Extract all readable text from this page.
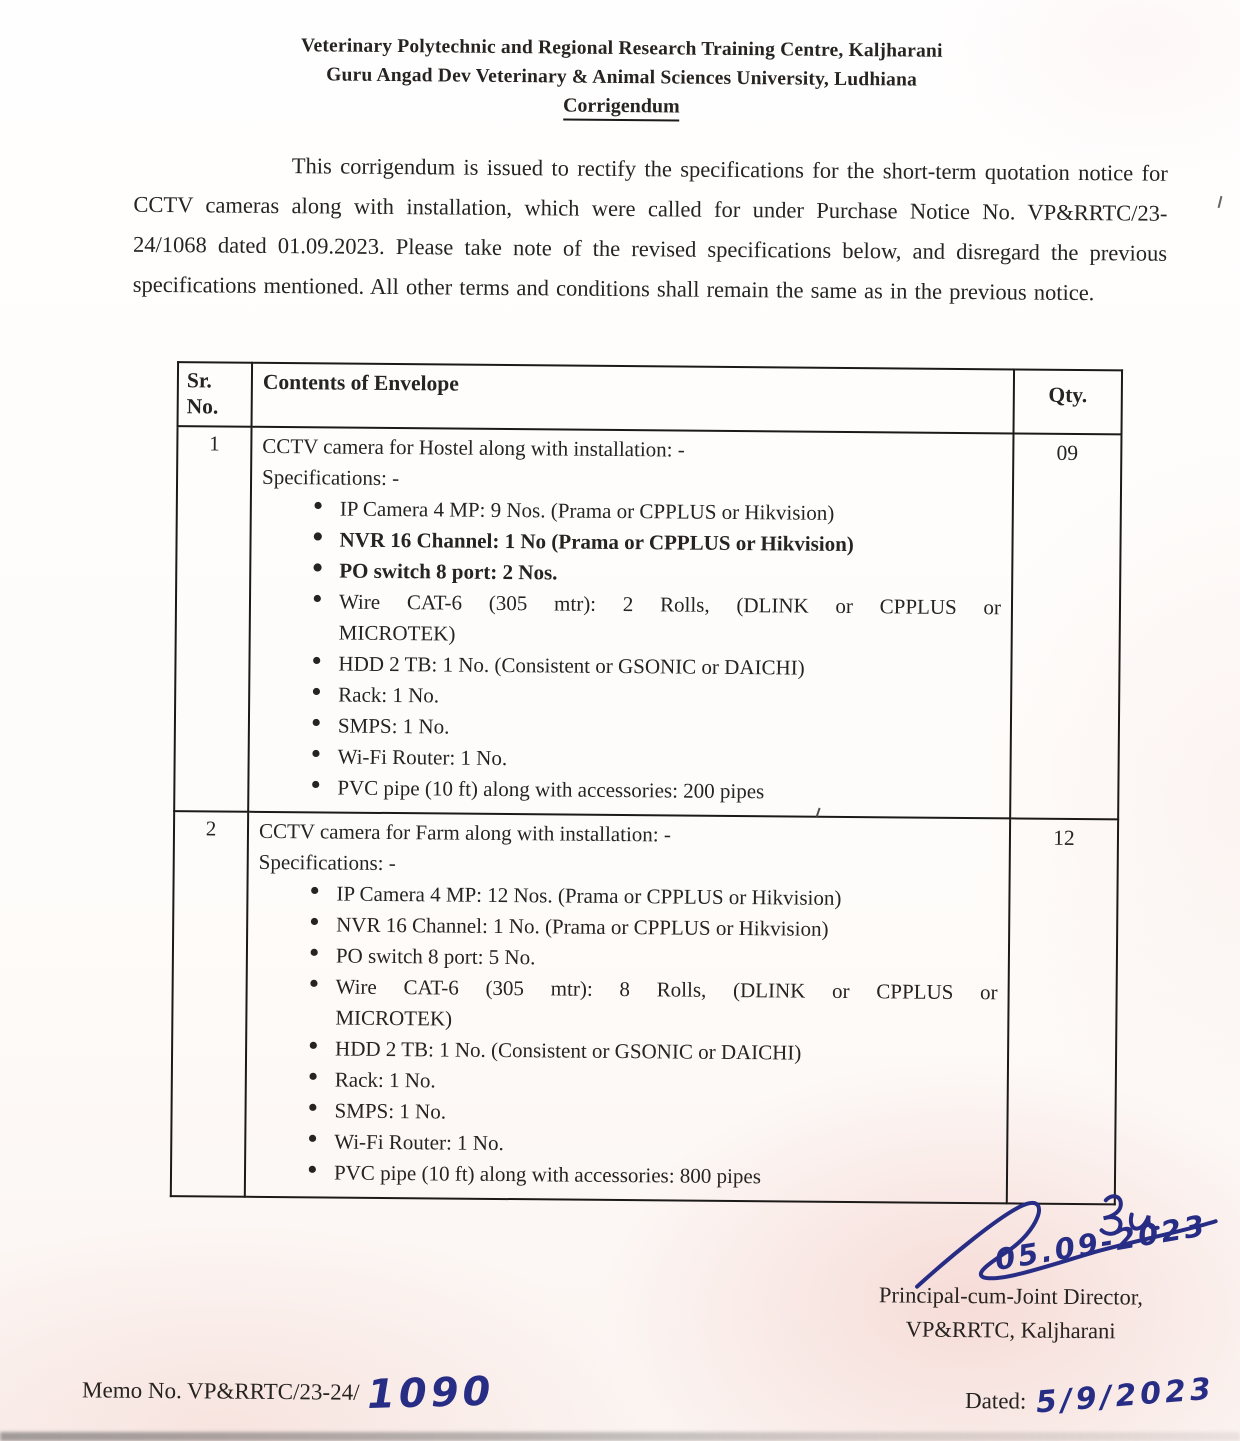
Veterinary Polytechnic and Regional Research Training Centre, Kaljharani
Guru Angad Dev Veterinary & Animal Sciences University, Ludhiana
Corrigendum

This corrigendum is issued to rectify the specifications for the short-term quotation notice for CCTV cameras along with installation, which were called for under Purchase Notice No. VP&RRTC/23-24/1068 dated 01.09.2023. Please take note of the revised specifications below, and disregard the previous specifications mentioned. All other terms and conditions shall remain the same as in the previous notice.

Sr. No.	Contents of Envelope	Qty.
1	CCTV camera for Hostel along with installation: -
Specifications: -
• IP Camera 4 MP: 9 Nos. (Prama or CPPLUS or Hikvision)
• NVR 16 Channel: 1 No (Prama or CPPLUS or Hikvision)
• PO switch 8 port: 2 Nos.
• Wire CAT-6 (305 mtr): 2 Rolls, (DLINK or CPPLUS or MICROTEK)
• HDD 2 TB: 1 No. (Consistent or GSONIC or DAICHI)
• Rack: 1 No.
• SMPS: 1 No.
• Wi-Fi Router: 1 No.
• PVC pipe (10 ft) along with accessories: 200 pipes
	09
2	CCTV camera for Farm along with installation: -
Specifications: -
• IP Camera 4 MP: 12 Nos. (Prama or CPPLUS or Hikvision)
• NVR 16 Channel: 1 No. (Prama or CPPLUS or Hikvision)
• PO switch 8 port: 5 No.
• Wire CAT-6 (305 mtr): 8 Rolls, (DLINK or CPPLUS or MICROTEK)
• HDD 2 TB: 1 No. (Consistent or GSONIC or DAICHI)
• Rack: 1 No.
• SMPS: 1 No.
• Wi-Fi Router: 1 No.
• PVC pipe (10 ft) along with accessories: 800 pipes
	12
05.09-2023
Principal-cum-Joint Director,
VP&RRTC, Kaljharani
Memo No. VP&RRTC/23-24/ 1090	Dated: 5/9/2023
